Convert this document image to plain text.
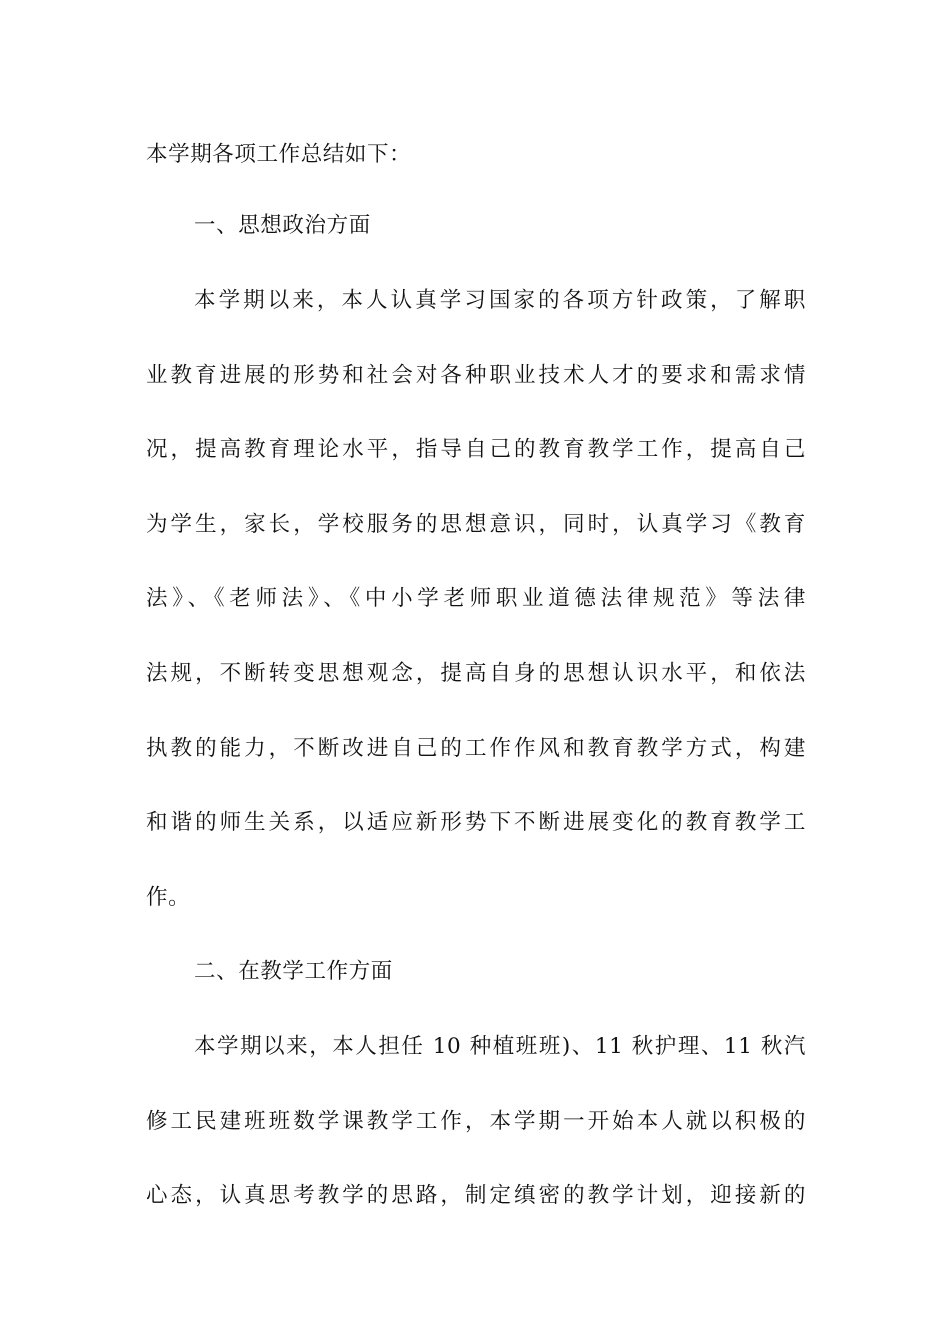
本学期各项工作总结如下：
一、思想政治方面
本学期以来，本人认真学习国家的各项方针政策，了解职
业教育进展的形势和社会对各种职业技术人才的要求和需求情
况，提高教育理论水平，指导自己的教育教学工作，提高自己
为学生，家长，学校服务的思想意识，同时，认真学习《教育
法》、《老师法》、《中小学老师职业道德法律规范》等法律
法规，不断转变思想观念，提高自身的思想认识水平，和依法
执教的能力，不断改进自己的工作作风和教育教学方式，构建
和谐的师生关系，以适应新形势下不断进展变化的教育教学工
作。
二、在教学工作方面
本学期以来，本人担任 10 种植班班)、11 秋护理、11 秋汽
修工民建班班数学课教学工作，本学期一开始本人就以积极的
心态，认真思考教学的思路，制定缜密的教学计划，迎接新的
